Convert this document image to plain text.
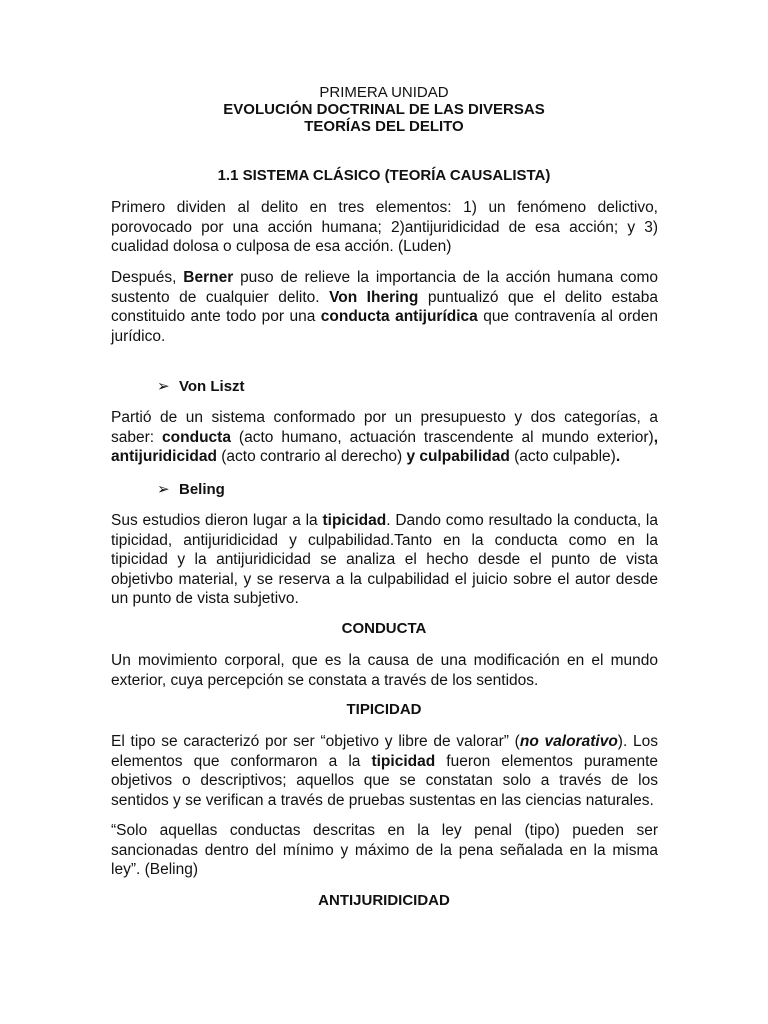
PRIMERA UNIDAD
EVOLUCIÓN DOCTRINAL DE LAS DIVERSAS
TEORÍAS DEL DELITO
1.1 SISTEMA CLÁSICO (TEORÍA CAUSALISTA)

Primero dividen al delito en tres elementos: 1) un fenómeno delictivo, porovocado por una acción humana; 2)antijuridicidad de esa acción; y 3) cualidad dolosa o culposa de esa acción. (Luden)

Después, Berner puso de relieve la importancia de la acción humana como sustento de cualquier delito. Von Ihering puntualizó que el delito estaba constituido ante todo por una conducta antijurídica que contravenía al orden jurídico.

➢ Von Liszt

Partió de un sistema conformado por un presupuesto y dos categorías, a saber: conducta (acto humano, actuación trascendente al mundo exterior), antijuridicidad (acto contrario al derecho) y culpabilidad (acto culpable).

➢ Beling

Sus estudios dieron lugar a la tipicidad. Dando como resultado la conducta, la tipicidad, antijuridicidad y culpabilidad.Tanto en la conducta como en la tipicidad y la antijuridicidad se analiza el hecho desde el punto de vista objetivbo material, y se reserva a la culpabilidad el juicio sobre el autor desde un punto de vista subjetivo.

CONDUCTA

Un movimiento corporal, que es la causa de una modificación en el mundo exterior, cuya percepción se constata a través de los sentidos.

TIPICIDAD

El tipo se caracterizó por ser “objetivo y libre de valorar” (no valorativo). Los elementos que conformaron a la tipicidad fueron elementos puramente objetivos o descriptivos; aquellos que se constatan solo a través de los sentidos y se verifican a través de pruebas sustentas en las ciencias naturales.

“Solo aquellas conductas descritas en la ley penal (tipo) pueden ser sancionadas dentro del mínimo y máximo de la pena señalada en la misma ley”. (Beling)

ANTIJURIDICIDAD
